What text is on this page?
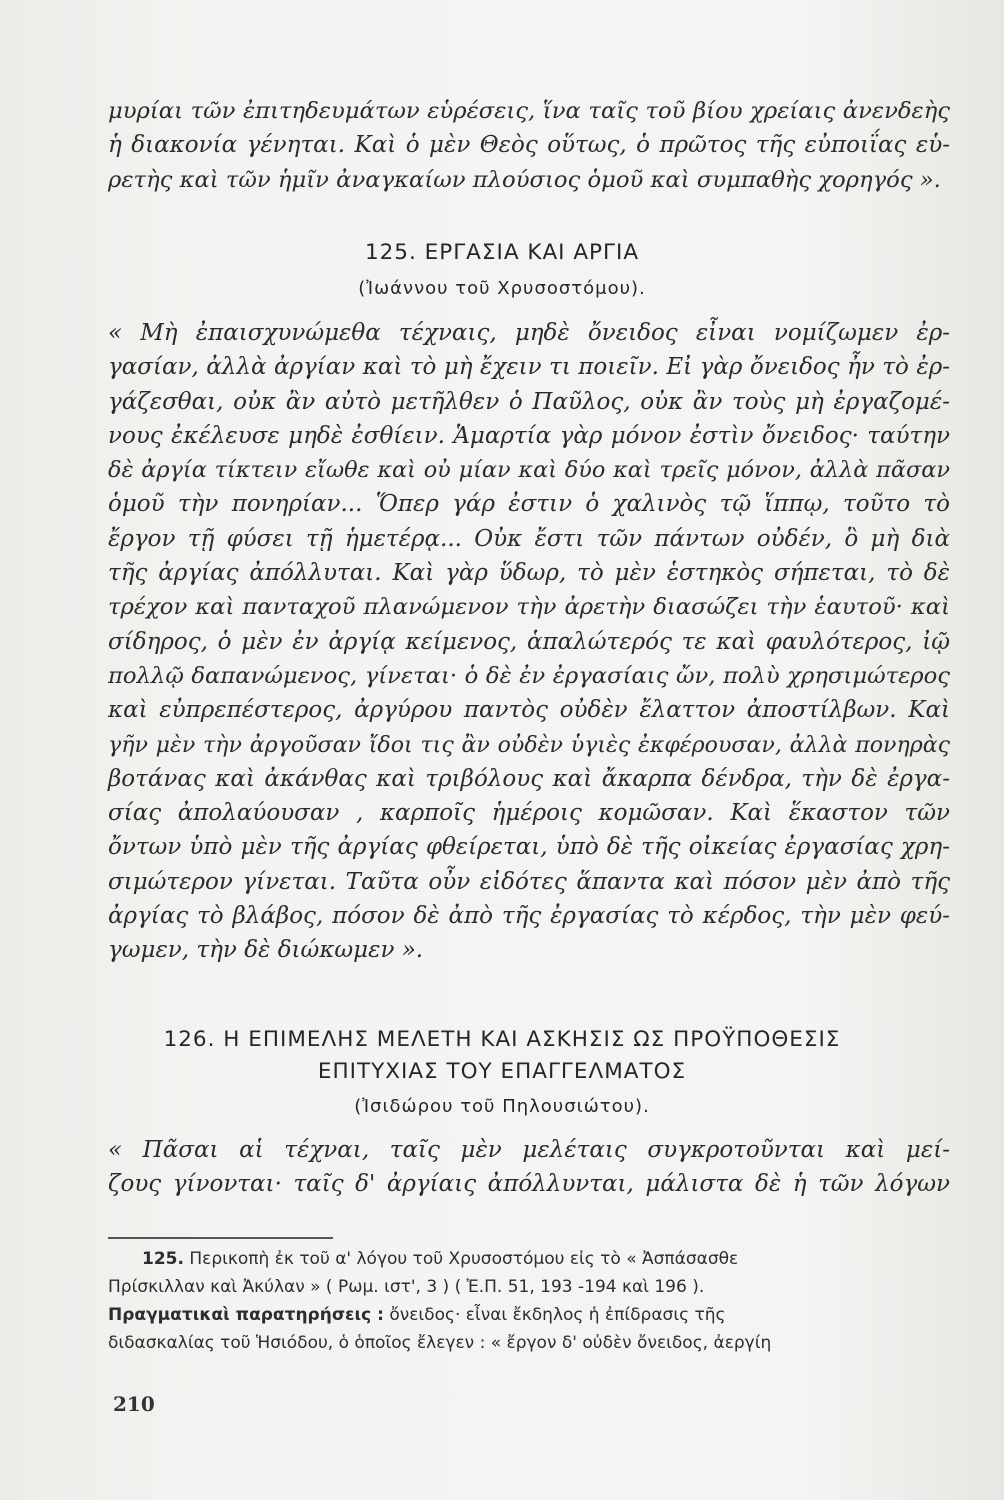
μυρίαι τῶν ἐπιτηδευμάτων εὑρέσεις, ἵνα ταῖς τοῦ βίου χρείαις ἀνενδεὴς
ἡ διακονία γένηται. Καὶ ὁ μὲν Θεὸς οὕτως, ὁ πρῶτος τῆς εὐποιΐας εὑ-
ρετὴς καὶ τῶν ἡμῖν ἀναγκαίων πλούσιος ὁμοῦ καὶ συμπαθὴς χορηγός ».
125. ΕΡΓΑΣΙΑ ΚΑΙ ΑΡΓΙΑ
(Ἰωάννου τοῦ Χρυσοστόμου).
« Μὴ ἐπαισχυνώμεθα τέχναις, μηδὲ ὄνειδος εἶναι νομίζωμεν ἐρ-
γασίαν, ἀλλὰ ἀργίαν καὶ τὸ μὴ ἔχειν τι ποιεῖν. Εἰ γὰρ ὄνειδος ἦν τὸ ἐρ-
γάζεσθαι, οὐκ ἂν αὐτὸ μετῆλθεν ὁ Παῦλος, οὐκ ἂν τοὺς μὴ ἐργαζομέ-
νους ἐκέλευσε μηδὲ ἐσθίειν. Ἁμαρτία γὰρ μόνον ἐστὶν ὄνειδος· ταύτην
δὲ ἀργία τίκτειν εἴωθε καὶ οὐ μίαν καὶ δύο καὶ τρεῖς μόνον, ἀλλὰ πᾶσαν
ὁμοῦ τὴν πονηρίαν... Ὅπερ γάρ ἐστιν ὁ χαλινὸς τῷ ἵππῳ, τοῦτο τὸ
ἔργον τῇ φύσει τῇ ἡμετέρᾳ... Οὐκ ἔστι τῶν πάντων οὐδέν, ὃ μὴ διὰ
τῆς ἀργίας ἀπόλλυται. Καὶ γὰρ ὕδωρ, τὸ μὲν ἑστηκὸς σήπεται, τὸ δὲ
τρέχον καὶ πανταχοῦ πλανώμενον τὴν ἀρετὴν διασώζει τὴν ἑαυτοῦ· καὶ
σίδηρος, ὁ μὲν ἐν ἀργίᾳ κείμενος, ἁπαλώτερός τε καὶ φαυλότερος, ἰῷ
πολλῷ δαπανώμενος, γίνεται· ὁ δὲ ἐν ἐργασίαις ὤν, πολὺ χρησιμώτερος
καὶ εὐπρεπέστερος, ἀργύρου παντὸς οὐδὲν ἔλαττον ἀποστίλβων. Καὶ
γῆν μὲν τὴν ἀργοῦσαν ἴδοι τις ἂν οὐδὲν ὑγιὲς ἐκφέρουσαν, ἀλλὰ πονηρὰς
βοτάνας καὶ ἀκάνθας καὶ τριβόλους καὶ ἄκαρπα δένδρα, τὴν δὲ ἐργα-
σίας ἀπολαύουσαν , καρποῖς ἡμέροις κομῶσαν. Καὶ ἕκαστον τῶν
ὄντων ὑπὸ μὲν τῆς ἀργίας φθείρεται, ὑπὸ δὲ τῆς οἰκείας ἐργασίας χρη-
σιμώτερον γίνεται. Ταῦτα οὖν εἰδότες ἅπαντα καὶ πόσον μὲν ἀπὸ τῆς
ἀργίας τὸ βλάβος, πόσον δὲ ἀπὸ τῆς ἐργασίας τὸ κέρδος, τὴν μὲν φεύ-
γωμεν, τὴν δὲ διώκωμεν ».
126. Η ΕΠΙΜΕΛΗΣ ΜΕΛΕΤΗ ΚΑΙ ΑΣΚΗΣΙΣ ΩΣ ΠΡΟΫΠΟΘΕΣΙΣ
ΕΠΙΤΥΧΙΑΣ ΤΟΥ ΕΠΑΓΓΕΛΜΑΤΟΣ
(Ἰσιδώρου τοῦ Πηλουσιώτου).
« Πᾶσαι αἱ τέχναι, ταῖς μὲν μελέταις συγκροτοῦνται καὶ μεί-
ζους γίνονται· ταῖς δ' ἀργίαις ἀπόλλυνται, μάλιστα δὲ ἡ τῶν λόγων
  125. Περικοπὴ ἐκ τοῦ α' λόγου τοῦ Χρυσοστόμου εἰς τὸ « Ἀσπάσασθε
Πρίσκιλλαν καὶ Ἀκύλαν » ( Ρωμ. ιστ', 3 ) ( Ἑ.Π. 51, 193 -194 καὶ 196 ).
Πραγματικαὶ παρατηρήσεις : ὄνειδος· εἶναι ἔκδηλος ἡ ἐπίδρασις τῆς
διδασκαλίας τοῦ Ἡσιόδου, ὁ ὁποῖος ἔλεγεν : « ἔργον δ' οὐδὲν ὄνειδος, ἀεργίη
210
